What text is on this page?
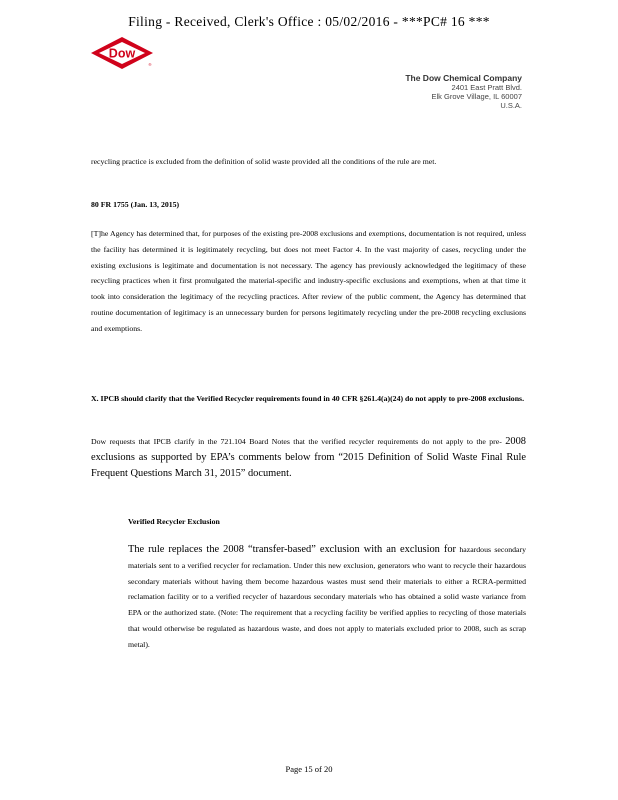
Filing - Received, Clerk's Office : 05/02/2016 - ***PC# 16 ***
Dow
®
The Dow Chemical Company
2401 East Pratt Blvd.
Elk Grove Village, IL 60007
U.S.A.
recycling practice is excluded from the definition of solid waste provided all the conditions of the rule are met.
80 FR 1755 (Jan. 13, 2015)
[T]he Agency has determined that, for purposes of the existing pre-2008 exclusions and exemptions, documentation is not required, unless the facility has determined it is legitimately recycling, but does not meet Factor 4. In the vast majority of cases, recycling under the existing exclusions is legitimate and documentation is not necessary. The agency has previously acknowledged the legitimacy of these recycling practices when it first promulgated the material-specific and industry-specific exclusions and exemptions, when at that time it took into consideration the legitimacy of the recycling practices. After review of the public comment, the Agency has determined that routine documentation of legitimacy is an unnecessary burden for persons legitimately recycling under the pre-2008 recycling exclusions and exemptions.
X. IPCB should clarify that the Verified Recycler requirements found in 40 CFR §261.4(a)(24) do not apply to pre-2008 exclusions.
Dow requests that IPCB clarify in the 721.104 Board Notes that the verified recycler requirements do not apply to the pre- 2008 exclusions as supported by EPA’s comments below from “2015 Definition of Solid Waste Final Rule Frequent Questions March 31, 2015” document.
Verified Recycler Exclusion
The rule replaces the 2008 “transfer-based” exclusion with an exclusion for hazardous secondary materials sent to a verified recycler for reclamation. Under this new exclusion, generators who want to recycle their hazardous secondary materials without having them become hazardous wastes must send their materials to either a RCRA-permitted reclamation facility or to a verified recycler of hazardous secondary materials who has obtained a solid waste variance from EPA or the authorized state. (Note: The requirement that a recycling facility be verified applies to recycling of those materials that would otherwise be regulated as hazardous waste, and does not apply to materials excluded prior to 2008, such as scrap metal).
Page 15 of 20
